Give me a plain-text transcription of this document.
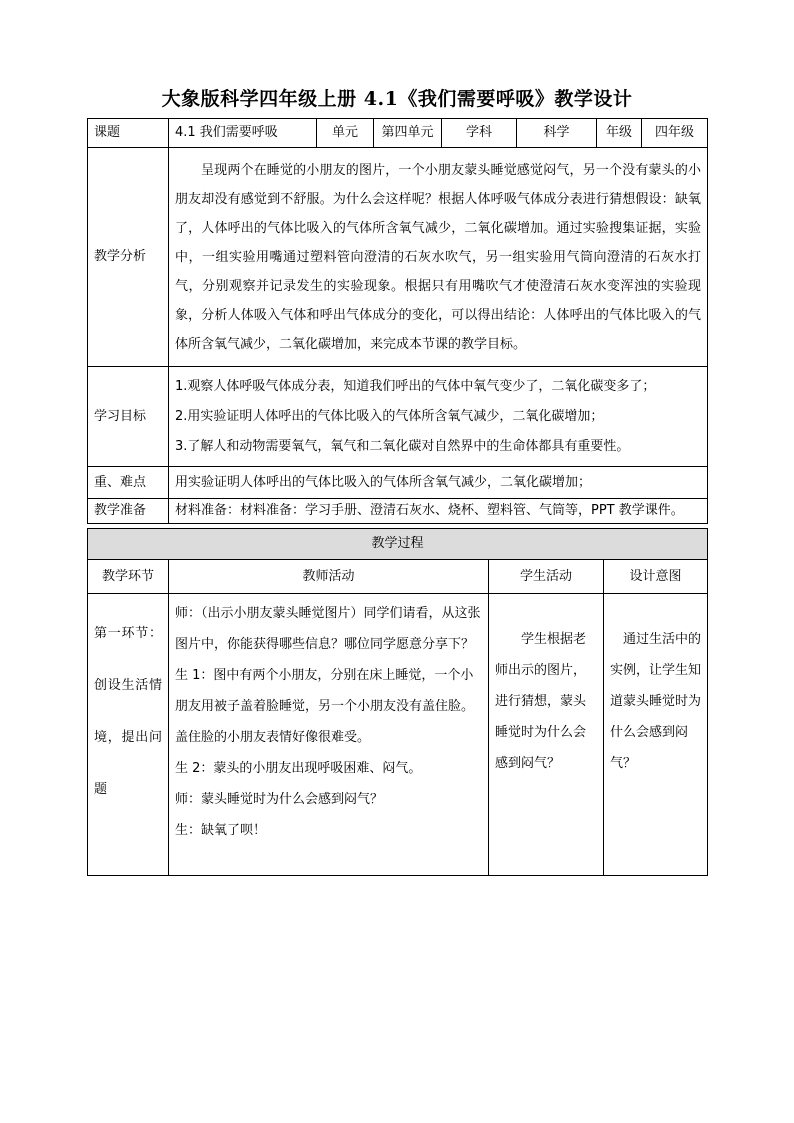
大象版科学四年级上册 4.1《我们需要呼吸》教学设计
课题	4.1 我们需要呼吸	单元	第四单元	学科	科学	年级	四年级
教学分析	呈现两个在睡觉的小朋友的图片，一个小朋友蒙头睡觉感觉闷气，另一个没有蒙头的小朋友却没有感觉到不舒服。为什么会这样呢？根据人体呼吸气体成分表进行猜想假设：缺氧了，人体呼出的气体比吸入的气体所含氧气减少，二氧化碳增加。通过实验搜集证据，实验中，一组实验用嘴通过塑料管向澄清的石灰水吹气，另一组实验用气筒向澄清的石灰水打气，分别观察并记录发生的实验现象。根据只有用嘴吹气才使澄清石灰水变浑浊的实验现象，分析人体吸入气体和呼出气体成分的变化，可以得出结论：人体呼出的气体比吸入的气体所含氧气减少，二氧化碳增加，来完成本节课的教学目标。						
学习目标	1.观察人体呼吸气体成分表，知道我们呼出的气体中氧气变少了，二氧化碳变多了；
2.用实验证明人体呼出的气体比吸入的气体所含氧气减少，二氧化碳增加；
3.了解人和动物需要氧气，氧气和二氧化碳对自然界中的生命体都具有重要性。						

重、难点	用实验证明人体呼出的气体比吸入的气体所含氧气减少，二氧化碳增加；						
教学准备	材料准备：材料准备：学习手册、澄清石灰水、烧杯、塑料管、气筒等，PPT 教学课件。						
教学过程			
教学环节	教师活动	学生活动	设计意图
第一环节：创设生活情境，提出问题	师：（出示小朋友蒙头睡觉图片）同学们请看，从这张图片中，你能获得哪些信息？哪位同学愿意分享下？
生 1：图中有两个小朋友，分别在床上睡觉，一个小朋友用被子盖着脸睡觉，另一个小朋友没有盖住脸。盖住脸的小朋友表情好像很难受。
生 2：蒙头的小朋友出现呼吸困难、闷气。
师：蒙头睡觉时为什么会感到闷气？
生：缺氧了呗！	学生根据老师出示的图片，进行猜想，蒙头睡觉时为什么会感到闷气？	通过生活中的实例，让学生知道蒙头睡觉时为什么会感到闷气？
